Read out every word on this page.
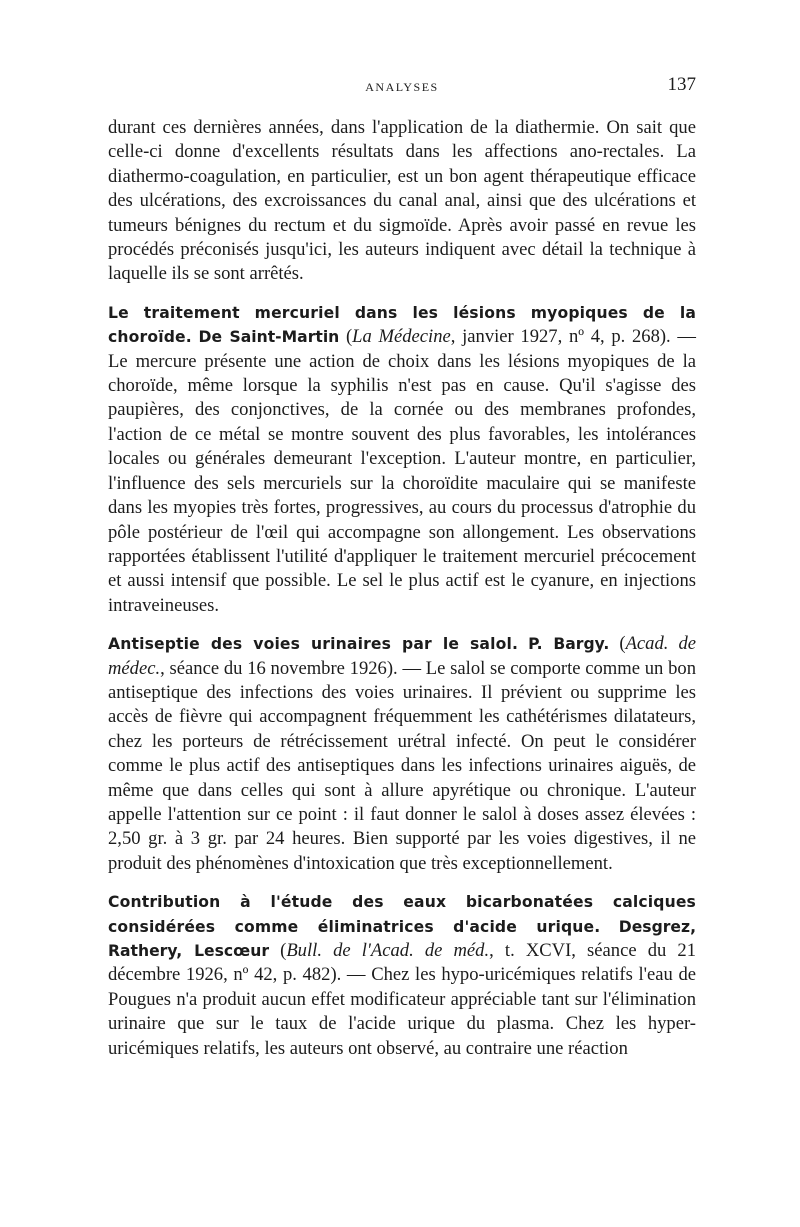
ANALYSES	137

durant ces dernières années, dans l'application de la diathermie. On sait que celle-ci donne d'excellents résultats dans les affections ano-rectales. La diathermo-coagulation, en particulier, est un bon agent thérapeutique efficace des ulcérations, des excroissances du canal anal, ainsi que des ulcérations et tumeurs bénignes du rectum et du sigmoïde. Après avoir passé en revue les procédés préconisés jusqu'ici, les auteurs indiquent avec détail la technique à laquelle ils se sont arrêtés.

Le traitement mercuriel dans les lésions myopiques de la choroïde. De Saint-Martin (La Médecine, janvier 1927, nº 4, p. 268). — Le mercure présente une action de choix dans les lésions myopiques de la choroïde, même lorsque la syphilis n'est pas en cause. Qu'il s'agisse des paupières, des conjonctives, de la cornée ou des membranes profondes, l'action de ce métal se montre souvent des plus favorables, les intolérances locales ou générales demeurant l'exception. L'auteur montre, en particulier, l'influence des sels mercuriels sur la choroïdite maculaire qui se manifeste dans les myopies très fortes, progressives, au cours du processus d'atrophie du pôle postérieur de l'œil qui accompagne son allongement. Les observations rapportées établissent l'utilité d'appliquer le traitement mercuriel précocement et aussi intensif que possible. Le sel le plus actif est le cyanure, en injections intraveineuses.

Antiseptie des voies urinaires par le salol. P. Bargy. (Acad. de médec., séance du 16 novembre 1926). — Le salol se comporte comme un bon antiseptique des infections des voies urinaires. Il prévient ou supprime les accès de fièvre qui accompagnent fréquemment les cathétérismes dilatateurs, chez les porteurs de rétrécissement urétral infecté. On peut le considérer comme le plus actif des antiseptiques dans les infections urinaires aiguës, de même que dans celles qui sont à allure apyrétique ou chronique. L'auteur appelle l'attention sur ce point : il faut donner le salol à doses assez élevées : 2,50 gr. à 3 gr. par 24 heures. Bien supporté par les voies digestives, il ne produit des phénomènes d'intoxication que très exceptionnellement.

Contribution à l'étude des eaux bicarbonatées calciques considérées comme éliminatrices d'acide urique. Desgrez, Rathery, Lescœur (Bull. de l'Acad. de méd., t. XCVI, séance du 21 décembre 1926, nº 42, p. 482). — Chez les hypo-uricémiques relatifs l'eau de Pougues n'a produit aucun effet modificateur appréciable tant sur l'élimination urinaire que sur le taux de l'acide urique du plasma. Chez les hyper-uricémiques relatifs, les auteurs ont observé, au contraire une réaction
